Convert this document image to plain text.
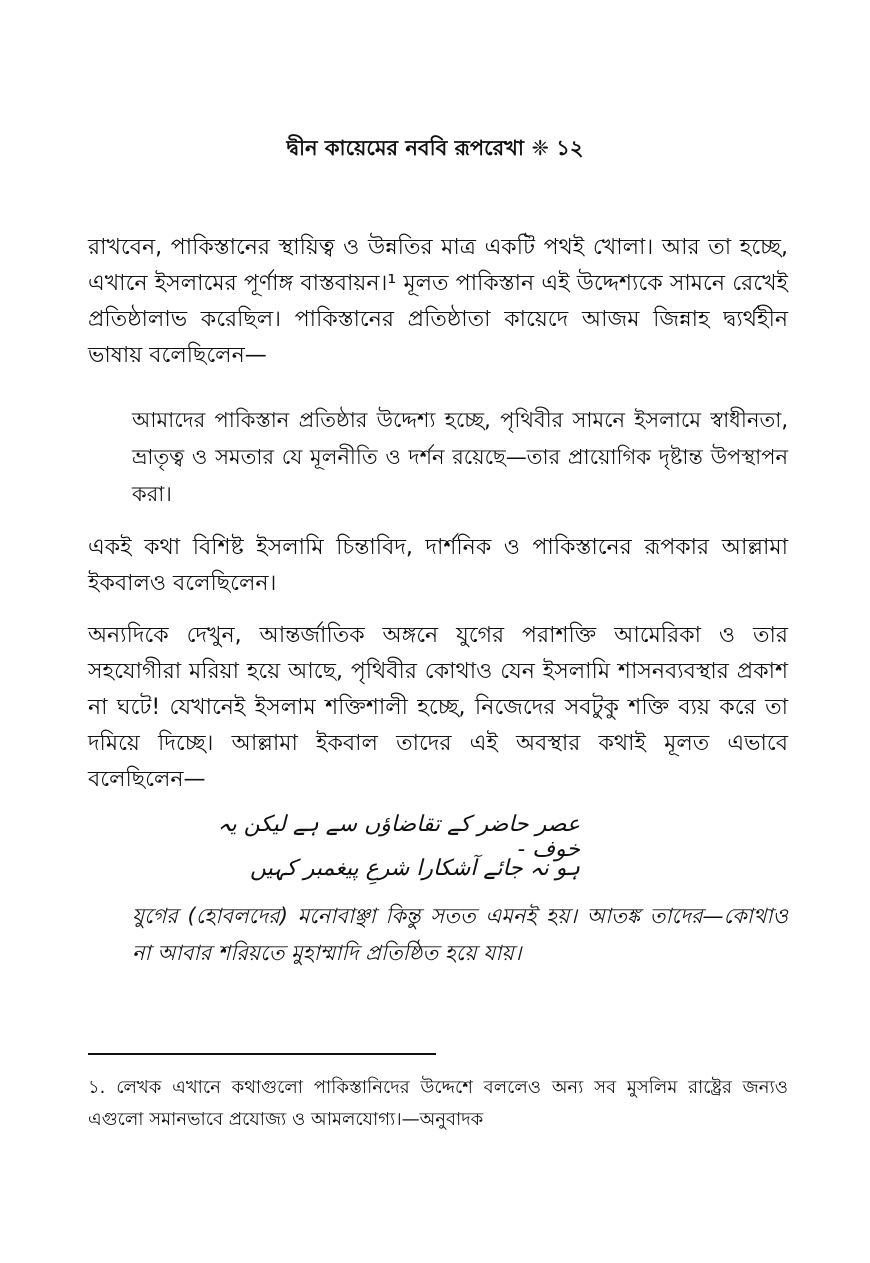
দ্বীন কায়েমের নববি রূপরেখা ❈ ১২
রাখবেন, পাকিস্তানের স্থায়িত্ব ও উন্নতির মাত্র একটি পথই খোলা। আর তা হচ্ছে, এখানে ইসলামের পূর্ণাঙ্গ বাস্তবায়ন।¹ মূলত পাকিস্তান এই উদ্দেশ্যকে সামনে রেখেই প্রতিষ্ঠালাভ করেছিল। পাকিস্তানের প্রতিষ্ঠাতা কায়েদে আজম জিন্নাহ দ্ব্যর্থহীন ভাষায় বলেছিলেন—
আমাদের পাকিস্তান প্রতিষ্ঠার উদ্দেশ্য হচ্ছে, পৃথিবীর সামনে ইসলামে স্বাধীনতা, ভ্রাতৃত্ব ও সমতার যে মূলনীতি ও দর্শন রয়েছে—তার প্রায়োগিক দৃষ্টান্ত উপস্থাপন করা।
একই কথা বিশিষ্ট ইসলামি চিন্তাবিদ, দার্শনিক ও পাকিস্তানের রূপকার আল্লামা ইকবালও বলেছিলেন।
অন্যদিকে দেখুন, আন্তর্জাতিক অঙ্গনে যুগের পরাশক্তি আমেরিকা ও তার সহযোগীরা মরিয়া হয়ে আছে, পৃথিবীর কোথাও যেন ইসলামি শাসনব্যবস্থার প্রকাশ না ঘটে! যেখানেই ইসলাম শক্তিশালী হচ্ছে, নিজেদের সবটুকু শক্তি ব্যয় করে তা দমিয়ে দিচ্ছে। আল্লামা ইকবাল তাদের এই অবস্থার কথাই মূলত এভাবে বলেছিলেন—
عصر حاضر کے تقاضاؤں سے ہے لیکن یہ خوف -
ہو نہ جائے آشکارا شرعِ پیغمبر کہیں
যুগের (হোবলদের) মনোবাঞ্ছা কিন্তু সতত এমনই হয়। আতঙ্ক তাদের—কোথাও না আবার শরিয়তে মুহাম্মাদি প্রতিষ্ঠিত হয়ে যায়।
১. লেখক এখানে কথাগুলো পাকিস্তানিদের উদ্দেশে বললেও অন্য সব মুসলিম রাষ্ট্রের জন্যও এগুলো সমানভাবে প্রযোজ্য ও আমলযোগ্য।—অনুবাদক
